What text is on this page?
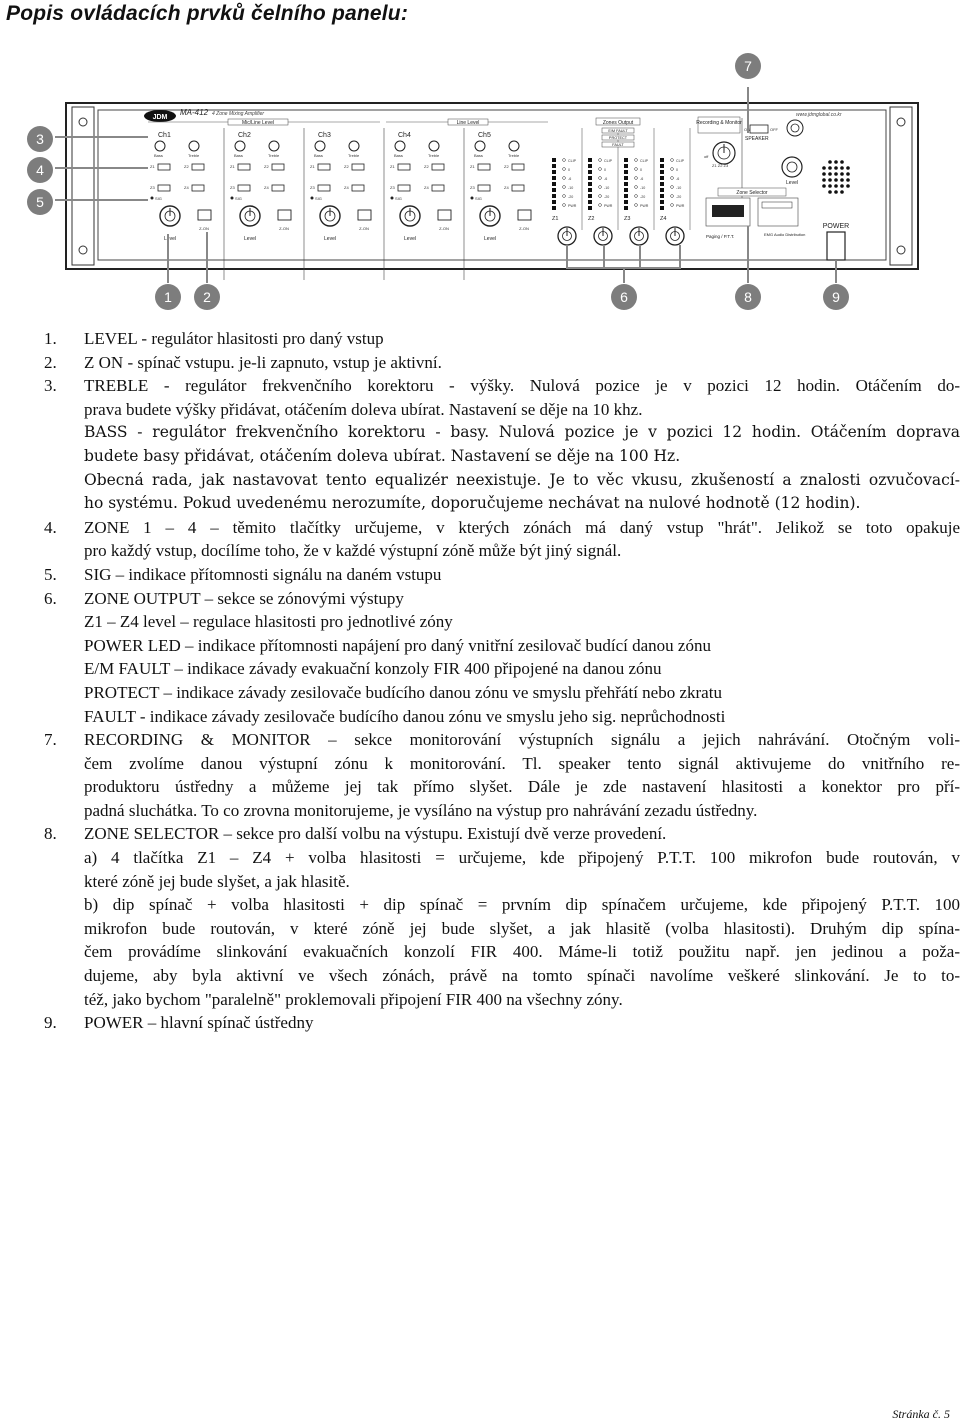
Popis ovládacích prvků čelního panelu:
JDM
MA-412 4 Zone Mixing Amplifier	www.jdmglobal.co.kr
Mic/Line Level	Line Level
Ch1
Bass	Treble
Z1	Z2
Z3	Z4
SIG
Level
Z-ON
Ch2
Bass	Treble
Z1	Z2
Z3	Z4
SIG
Level
Z-ON
Ch3
Bass	Treble
Z1	Z2
Z3	Z4
SIG
Level
Z-ON
Ch4
Bass	Treble
Z1	Z2
Z3	Z4
SIG
Level
Z-ON
Ch5
Bass	Treble
Z1	Z2
Z3	Z4
SIG
Level
Z-ON
Zones Output
CLIP
0
-6
-10
-20
PWR
Z1
CLIP
0
-6
-10
-20
PWR
Z2
CLIP
0
-6
-10
-20
PWR
Z3
CLIP
0
-6
-10
-20
PWR
Z4
E/M FAULT
PROTECT
FAULT
Recording & Monitor
Z1 Z2 Z3
off
ON	OFF
SPEAKER
Level
Zone Selector
Paging / P.T.T.	EMG Audio Distribution
POWER
1 2
3
4
5
6
7
8	9
1.	LEVEL - regulátor hlasitosti pro daný vstup
2.	Z ON - spínač vstupu. je-li zapnuto, vstup je aktivní.
3.	TREBLE - regulátor frekvenčního korektoru - výšky. Nulová pozice je v pozici 12 hodin. Otáčením do-
prava budete výšky přidávat, otáčením doleva ubírat. Nastavení se děje na 10 khz.
BASS - regulátor frekvenčního korektoru - basy. Nulová pozice je v pozici 12 hodin. Otáčením doprava
budete basy přidávat, otáčením doleva ubírat. Nastavení se děje na 100 Hz.
Obecná rada, jak nastavovat tento equalizér neexistuje. Je to věc vkusu, zkušeností a znalosti ozvučovací-
ho systému. Pokud uvedenému nerozumíte, doporučujeme nechávat na nulové hodnotě (12 hodin).
4.	ZONE 1 – 4 – těmito tlačítky určujeme, v kterých zónách má daný vstup "hrát". Jelikož se toto opakuje
pro každý vstup, docílíme toho, že v každé výstupní zóně může být jiný signál.
5.	SIG – indikace přítomnosti signálu na daném vstupu
6.	ZONE OUTPUT – sekce se zónovými výstupy
Z1 – Z4 level – regulace hlasitosti pro jednotlivé zóny
POWER LED – indikace přítomnosti napájení pro daný vnitřní zesilovač budící danou zónu
E/M FAULT – indikace závady evakuační konzoly FIR 400 připojené na danou zónu
PROTECT – indikace závady zesilovače budícího danou zónu ve smyslu přehřátí nebo zkratu
FAULT - indikace závady zesilovače budícího danou zónu ve smyslu jeho sig. neprůchodnosti
7.	RECORDING & MONITOR – sekce monitorování výstupních signálu a jejich nahrávání. Otočným voli-
čem zvolíme danou výstupní zónu k monitorování. Tl. speaker tento signál aktivujeme do vnitřního re-
produktoru ústředny a můžeme jej tak přímo slyšet. Dále je zde nastavení hlasitosti a konektor pro pří-
padná sluchátka. To co zrovna monitorujeme, je vysíláno na výstup pro nahrávání zezadu ústředny.
8.	ZONE SELECTOR – sekce pro další volbu na výstupu. Existují dvě verze provedení.
a) 4 tlačítka Z1 – Z4 + volba hlasitosti = určujeme, kde připojený P.T.T. 100 mikrofon bude routován, v
které zóně jej bude slyšet, a jak hlasitě.
b) dip spínač + volba hlasitosti + dip spínač = prvním dip spínačem určujeme, kde připojený P.T.T. 100
mikrofon bude routován, v které zóně jej bude slyšet, a jak hlasitě (volba hlasitosti). Druhým dip spína-
čem provádíme slinkování evakuačních konzolí FIR 400. Máme-li totiž použitu např. jen jedinou a poža-
dujeme, aby byla aktivní ve všech zónách, právě na tomto spínači navolíme veškeré slinkování. Je to to-
též, jako bychom "paralelně" proklemovali připojení FIR 400 na všechny zóny.
9.	POWER – hlavní spínač ústředny
Stránka č. 5
